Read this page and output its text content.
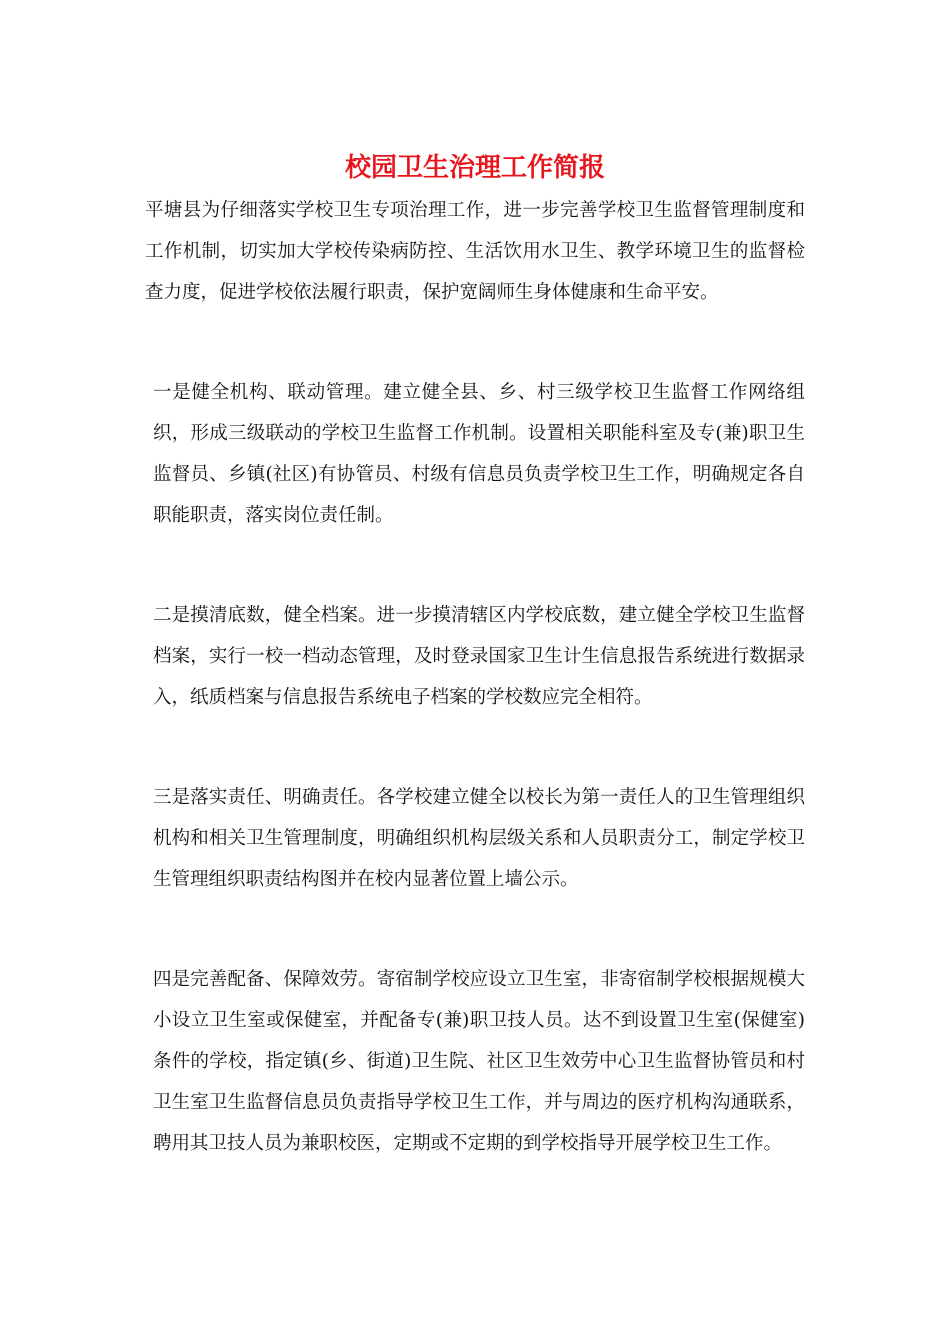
校园卫生治理工作简报

平塘县为仔细落实学校卫生专项治理工作，进一步完善学校卫生监督管理制度和工作机制，切实加大学校传染病防控、生活饮用水卫生、教学环境卫生的监督检查力度，促进学校依法履行职责，保护宽阔师生身体健康和生命平安。

一是健全机构、联动管理。建立健全县、乡、村三级学校卫生监督工作网络组织，形成三级联动的学校卫生监督工作机制。设置相关职能科室及专(兼)职卫生监督员、乡镇(社区)有协管员、村级有信息员负责学校卫生工作，明确规定各自职能职责，落实岗位责任制。

二是摸清底数，健全档案。进一步摸清辖区内学校底数，建立健全学校卫生监督档案，实行一校一档动态管理，及时登录国家卫生计生信息报告系统进行数据录入，纸质档案与信息报告系统电子档案的学校数应完全相符。

三是落实责任、明确责任。各学校建立健全以校长为第一责任人的卫生管理组织机构和相关卫生管理制度，明确组织机构层级关系和人员职责分工，制定学校卫生管理组织职责结构图并在校内显著位置上墙公示。

四是完善配备、保障效劳。寄宿制学校应设立卫生室，非寄宿制学校根据规模大小设立卫生室或保健室，并配备专(兼)职卫技人员。达不到设置卫生室(保健室)条件的学校，指定镇(乡、街道)卫生院、社区卫生效劳中心卫生监督协管员和村卫生室卫生监督信息员负责指导学校卫生工作，并与周边的医疗机构沟通联系，聘用其卫技人员为兼职校医，定期或不定期的到学校指导开展学校卫生工作。
